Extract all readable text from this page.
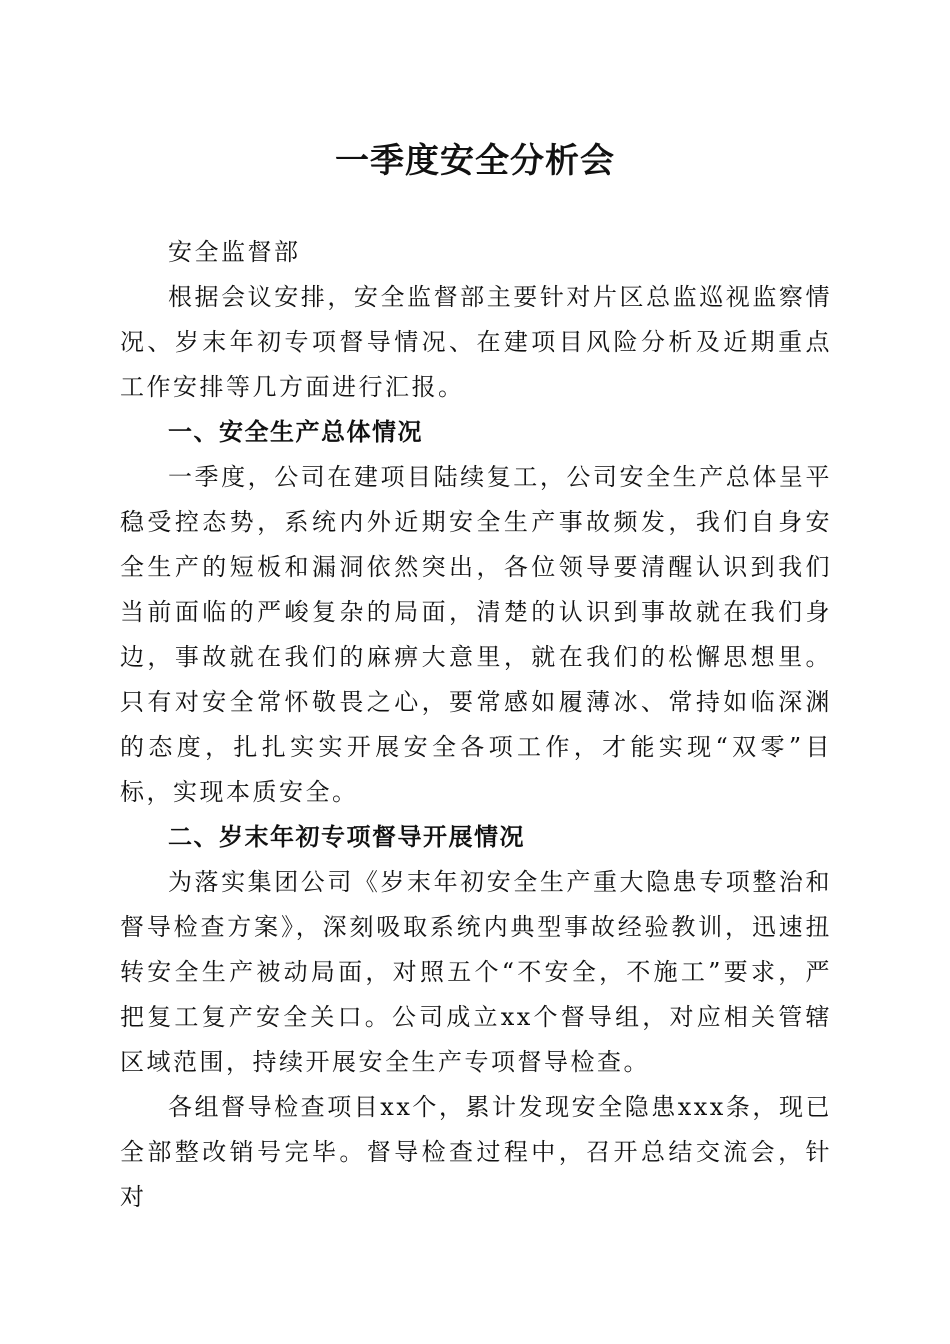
一季度安全分析会

安全监督部

根据会议安排，安全监督部主要针对片区总监巡视监察情况、岁末年初专项督导情况、在建项目风险分析及近期重点工作安排等几方面进行汇报。

一、安全生产总体情况

一季度，公司在建项目陆续复工，公司安全生产总体呈平稳受控态势，系统内外近期安全生产事故频发，我们自身安全生产的短板和漏洞依然突出，各位领导要清醒认识到我们当前面临的严峻复杂的局面，清楚的认识到事故就在我们身边，事故就在我们的麻痹大意里，就在我们的松懈思想里。只有对安全常怀敬畏之心，要常感如履薄冰、常持如临深渊的态度，扎扎实实开展安全各项工作，才能实现“双零”目标，实现本质安全。

二、岁末年初专项督导开展情况

为落实集团公司《岁末年初安全生产重大隐患专项整治和督导检查方案》，深刻吸取系统内典型事故经验教训，迅速扭转安全生产被动局面，对照五个“不安全，不施工”要求，严把复工复产安全关口。公司成立xx个督导组，对应相关管辖区域范围，持续开展安全生产专项督导检查。

各组督导检查项目xx个，累计发现安全隐患xxx条，现已全部整改销号完毕。督导检查过程中，召开总结交流会，针对
